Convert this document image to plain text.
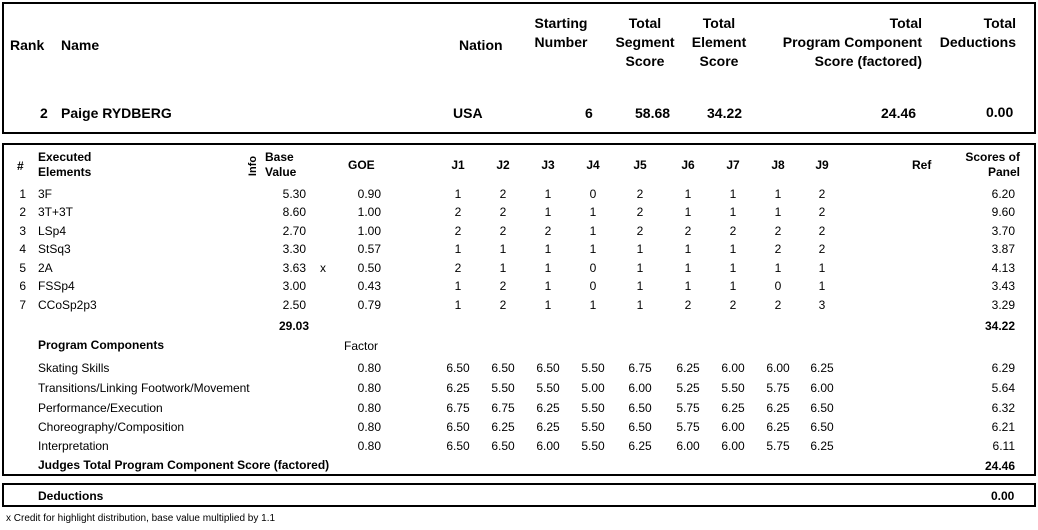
Rank Name	Nation
Starting
Number
Total
Segment
Score
Total
Element
Score
Total
Program Component
Score (factored)
Total
Deductions
2 Paige RYDBERG	USA	6	58.68	34.22	24.46	0.00
#
Executed
Elements	Info Base
Value	GOE	Ref
Scores of
Panel
J1	J2	J3	J4	J5	J6	J7	J8	J9
1 3F	5.30	0.90	1	2	1	0	2	1	1	1	2	6.20
2 3T+3T	8.60	1.00	2	2	1	1	2	1	1	1	2	9.60
3 LSp4	2.70	1.00	2	2	2	1	2	2	2	2	2	3.70
4 StSq3	3.30	0.57	1	1	1	1	1	1	1	2	2	3.87
5 2A	3.63 x	0.50	2	1	1	0	1	1	1	1	1	4.13
6 FSSp4	3.00	0.43	1	2	1	0	1	1	1	0	1	3.43
7 CCoSp2p3	2.50	0.79	1	2	1	1	1	2	2	2	3	3.29
29.03	34.22
Program Components	Factor
Skating Skills	0.80	6.50	6.50	6.50	5.50	6.75	6.25	6.00	6.00	6.25	6.29
Transitions/Linking Footwork/Movement	0.80	6.25	5.50	5.50	5.00	6.00	5.25	5.50	5.75	6.00	5.64
Performance/Execution	0.80	6.75	6.75	6.25	5.50	6.50	5.75	6.25	6.25	6.50	6.32
Choreography/Composition	0.80	6.50	6.25	6.25	5.50	6.50	5.75	6.00	6.25	6.50	6.21
Interpretation	0.80	6.50	6.50	6.00	5.50	6.25	6.00	6.00	5.75	6.25	6.11
Judges Total Program Component Score (factored)	24.46
Deductions	0.00
x Credit for highlight distribution, base value multiplied by 1.1
